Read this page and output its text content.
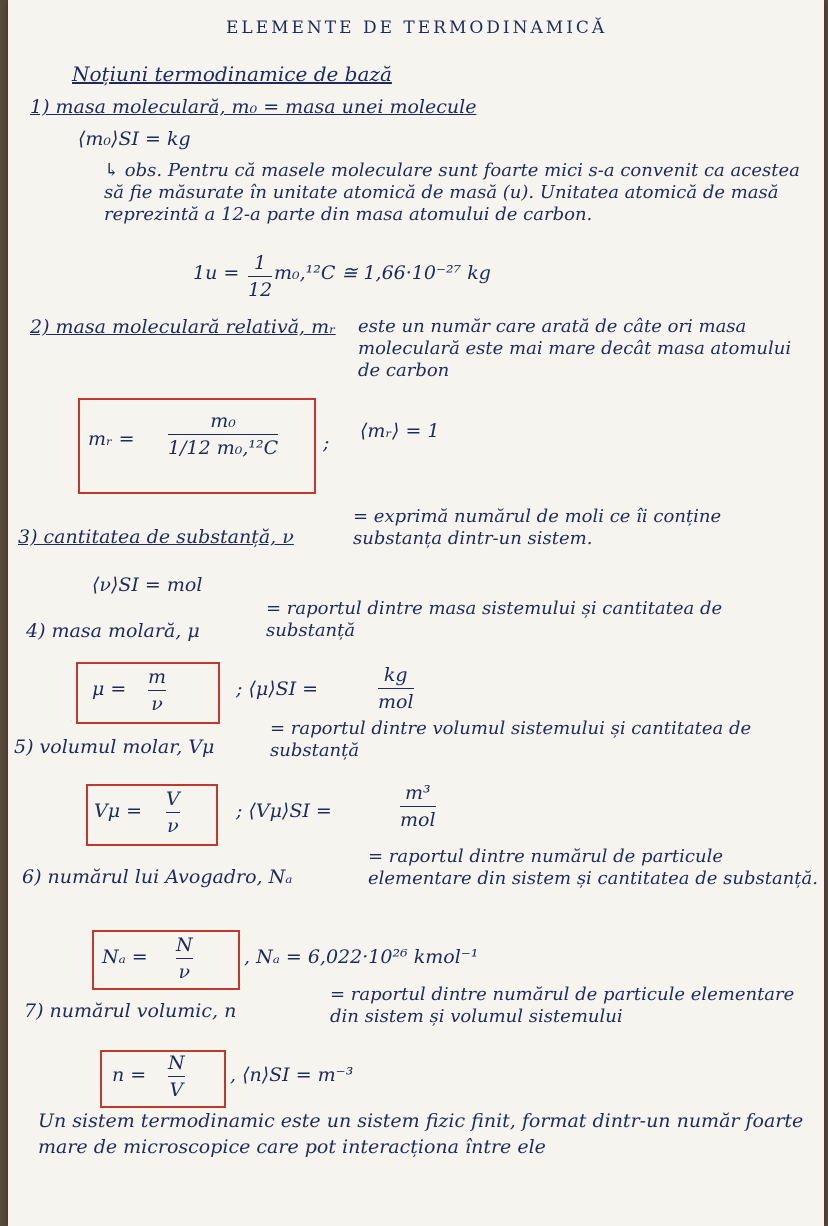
ELEMENTE DE TERMODINAMICĂ
Noțiuni termodinamice de bază
1) masa moleculară, m₀ = masa unei molecule
⟨m₀⟩SI = kg
↳ obs. Pentru că masele moleculare sunt foarte mici s-a convenit ca acestea să fie măsurate în unitate atomică de masă (u). Unitatea atomică de masă reprezintă a 12-a parte din masa atomului de carbon.
1u = 1
12
m₀,¹²C ≅ 1,66·10⁻²⁷ kg
2) masa moleculară relativă, mᵣ este un număr care arată de câte ori masa moleculară este mai mare decât masa atomului de carbon
mᵣ =
m₀
1/12 m₀,¹²C ;
⟨mᵣ⟩ = 1
3) cantitatea de substanță, ν
= exprimă numărul de moli ce îi conține substanța dintr-un sistem.
⟨ν⟩SI = mol
4) masa molară, μ
= raportul dintre masa sistemului și cantitatea de substanță
μ =
m
ν
; ⟨μ⟩SI =
kg
mol
5) volumul molar, Vμ
= raportul dintre volumul sistemului și cantitatea de substanță
Vμ =
V
ν
; ⟨Vμ⟩SI =
m³
mol
6) numărul lui Avogadro, Nₐ
= raportul dintre numărul de particule elementare din sistem și cantitatea de substanță.
Nₐ =
N
ν
, Nₐ = 6,022·10²⁶ kmol⁻¹
7) numărul volumic, n
= raportul dintre numărul de particule elementare din sistem și volumul sistemului
n =
N
V
, ⟨n⟩SI = m⁻³
Un sistem termodinamic este un sistem fizic finit, format dintr-un număr foarte mare de microscopice care pot interacționa între ele
